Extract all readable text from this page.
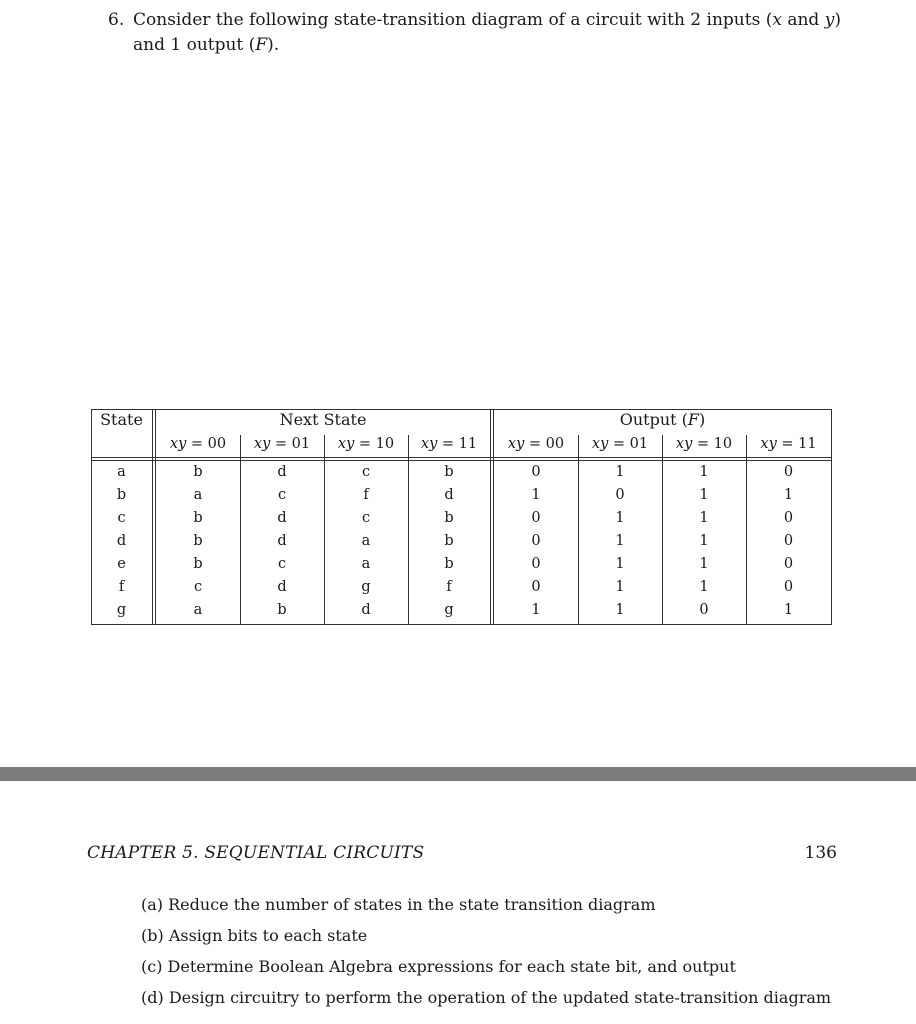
6. Consider the following state-transition diagram of a circuit with 2 inputs (x and y)
and 1 output (F).
State	Next State	Output (F)
xy = 00	xy = 01	xy = 10	xy = 11	xy = 00	xy = 01	xy = 10	xy = 11
a	b	d	c	b	0	1	1	0
b	a	c	f	d	1	0	1	1
c	b	d	c	b	0	1	1	0
d	b	d	a	b	0	1	1	0
e	b	c	a	b	0	1	1	0
f	c	d	g	f	0	1	1	0
g	a	b	d	g	1	1	0	1
CHAPTER 5. SEQUENTIAL CIRCUITS	136
(a) Reduce the number of states in the state transition diagram
(b) Assign bits to each state
(c) Determine Boolean Algebra expressions for each state bit, and output
(d) Design circuitry to perform the operation of the updated state-transition diagram
